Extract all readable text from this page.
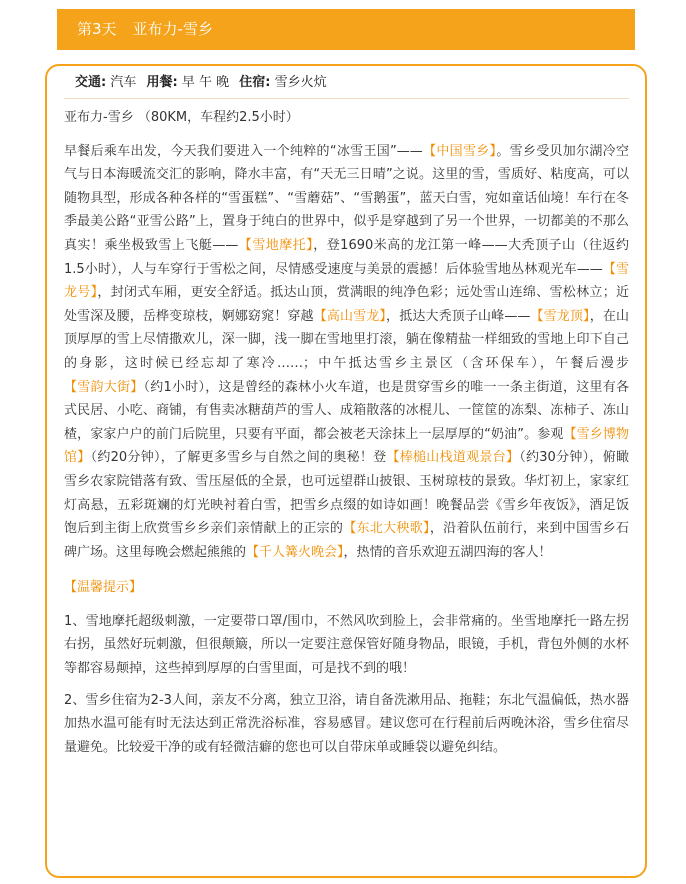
第3天 亚布力-雪乡
交通: 汽车 用餐: 早 午 晚 住宿: 雪乡火炕

亚布力-雪乡 （80KM，车程约2.5小时）

早餐后乘车出发，今天我们要进入一个纯粹的“冰雪王国”——【中国雪乡】。雪乡受贝加尔湖冷空气与日本海暖流交汇的影响，降水丰富，有“天无三日晴”之说。这里的雪，雪质好、粘度高，可以随物具型，形成各种各样的“雪蛋糕”、“雪蘑菇”、“雪鹅蛋”，蓝天白雪，宛如童话仙境！车行在冬季最美公路“亚雪公路”上，置身于纯白的世界中，似乎是穿越到了另一个世界，一切都美的不那么真实！乘坐极致雪上飞艇——【雪地摩托】，登1690米高的龙江第一峰——大秃顶子山（往返约1.5小时），人与车穿行于雪松之间，尽情感受速度与美景的震撼！后体验雪地丛林观光车——【雪龙号】，封闭式车厢，更安全舒适。抵达山顶，赏满眼的纯净色彩；远处雪山连绵、雪松林立；近处雪深及腰，岳桦变琼枝，婀娜窈窕！穿越【高山雪龙】，抵达大秃顶子山峰——【雪龙顶】，在山顶厚厚的雪上尽情撒欢儿，深一脚，浅一脚在雪地里打滚，躺在像精盐一样细致的雪地上印下自己的身影，这时候已经忘却了寒冷……；中午抵达雪乡主景区（含环保车），午餐后漫步【雪韵大街】（约1小时），这是曾经的森林小火车道，也是贯穿雪乡的唯一一条主街道，这里有各式民居、小吃、商铺，有售卖冰糖葫芦的雪人、成箱散落的冰棍儿、一筐筐的冻梨、冻柿子、冻山楂，家家户户的前门后院里，只要有平面，都会被老天涂抹上一层厚厚的“奶油”。参观【雪乡博物馆】（约20分钟），了解更多雪乡与自然之间的奥秘！登【棒槌山栈道观景台】（约30分钟），俯瞰雪乡农家院错落有致、雪压屋低的全景，也可远望群山披银、玉树琼枝的景致。华灯初上，家家红灯高悬，五彩斑斓的灯光映衬着白雪，把雪乡点缀的如诗如画！晚餐品尝《雪乡年夜饭》，酒足饭饱后到主街上欣赏雪乡乡亲们亲情献上的正宗的【东北大秧歌】，沿着队伍前行，来到中国雪乡石碑广场。这里每晚会燃起熊熊的【千人篝火晚会】，热情的音乐欢迎五湖四海的客人！

【温馨提示】

1、雪地摩托超级刺激，一定要带口罩/围巾，不然风吹到脸上，会非常痛的。坐雪地摩托一路左拐右拐，虽然好玩刺激，但很颠簸，所以一定要注意保管好随身物品，眼镜，手机，背包外侧的水杯等都容易颠掉，这些掉到厚厚的白雪里面，可是找不到的哦！

2、雪乡住宿为2-3人间，亲友不分离，独立卫浴，请自备洗漱用品、拖鞋；东北气温偏低，热水器加热水温可能有时无法达到正常洗浴标准，容易感冒。建议您可在行程前后两晚沐浴，雪乡住宿尽量避免。比较爱干净的或有轻微洁癖的您也可以自带床单或睡袋以避免纠结。
